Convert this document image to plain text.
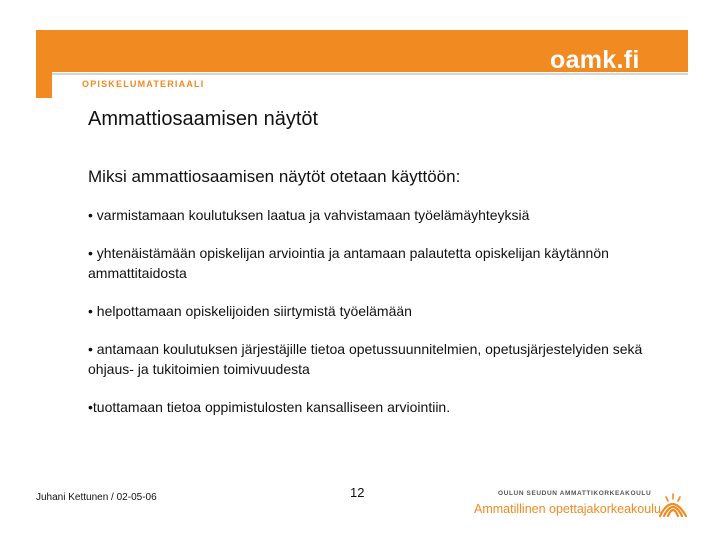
oamk.fi
OPISKELUMATERIAALI
Ammattiosaamisen näytöt
Miksi ammattiosaamisen näytöt otetaan käyttöön:
• varmistamaan koulutuksen laatua ja vahvistamaan työelämäyhteyksiä
• yhtenäistämään opiskelijan arviointia ja antamaan palautetta opiskelijan käytännön ammattitaidosta
• helpottamaan opiskelijoiden siirtymistä työelämään
• antamaan koulutuksen järjestäjille tietoa opetussuunnitelmien, opetusjärjestelyiden sekä ohjaus- ja tukitoimien toimivuudesta
•tuottamaan tietoa oppimistulosten kansalliseen arviointiin.
Juhani Kettunen / 02-05-06	12	OULUN SEUDUN AMMATTIKORKEAKOULU
Ammatillinen opettajakorkeakoulu
